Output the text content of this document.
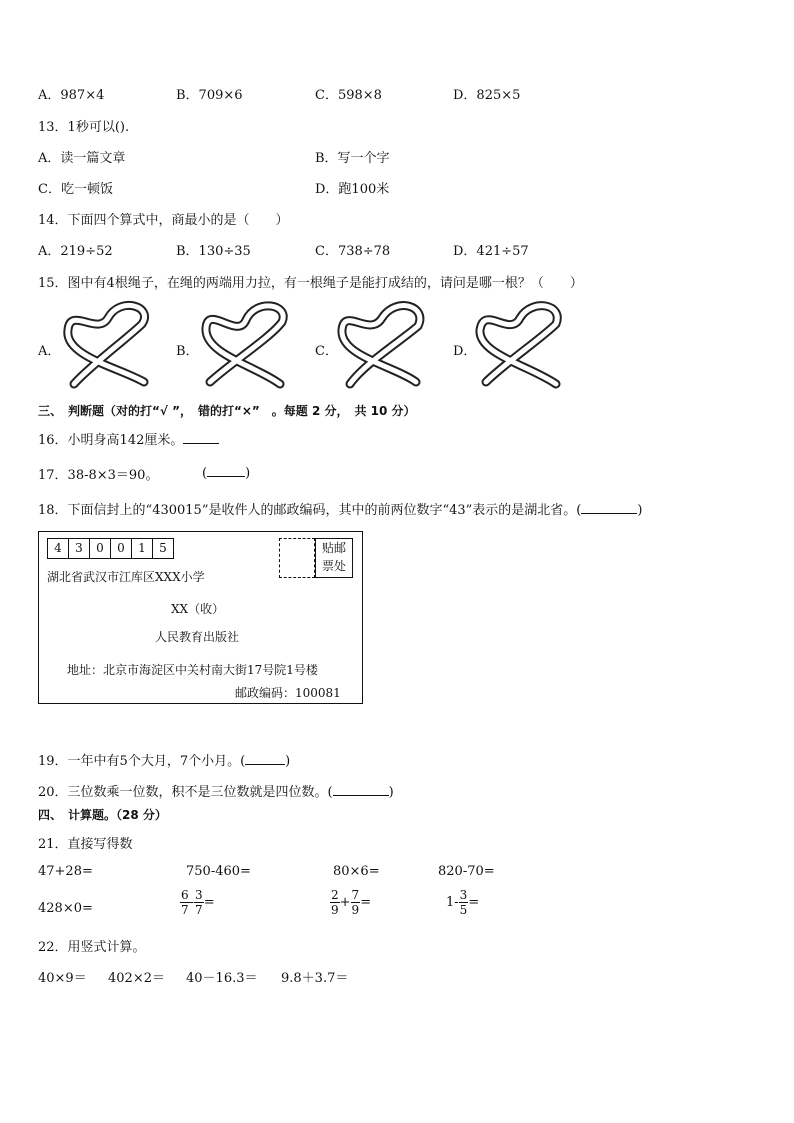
A．987×4	B．709×6	C．598×8	D．825×5
13．1秒可以().
A．读一篇文章	B．写一个字
C．吃一顿饭	D．跑100米
14．下面四个算式中，商最小的是（　　）
A．219÷52	B．130÷35	C．738÷78	D．421÷57
15．图中有4根绳子，在绳的两端用力拉，有一根绳子是能打成结的，请问是哪一根？（　　）
A．	B．	C．	D．
三、　判断题（对的打“√ ”，　错的打“×”　。每题 2 分，　共 10 分）
16．小明身高142厘米。
17．38-8×3＝90。	(	)
18．下面信封上的“430015”是收件人的邮政编码，其中的前两位数字“43”表示的是湖北省。(	)
4	3	0	0	1	5	贴邮
票处
湖北省武汉市江库区XXX小学
XX（收）
人民教育出版社
地址：北京市海淀区中关村南大街17号院1号楼
邮政编码：100081
19．一年中有5个大月，7个小月。(	)
20．三位数乘一位数，积不是三位数就是四位数。(	)
四、　计算题。（28 分）
21．直接写得数
47+28=	750-460=	80×6=	820-70=
428×0=	$\frac{6}{7} - \frac{3}{7}$ =	$\frac{2}{9} + \frac{7}{9}$ =	$1- \frac{3}{5}$ =
22．用竖式计算。
40×9＝ 402×2＝ 40－16.3＝ 9.8＋3.7＝
